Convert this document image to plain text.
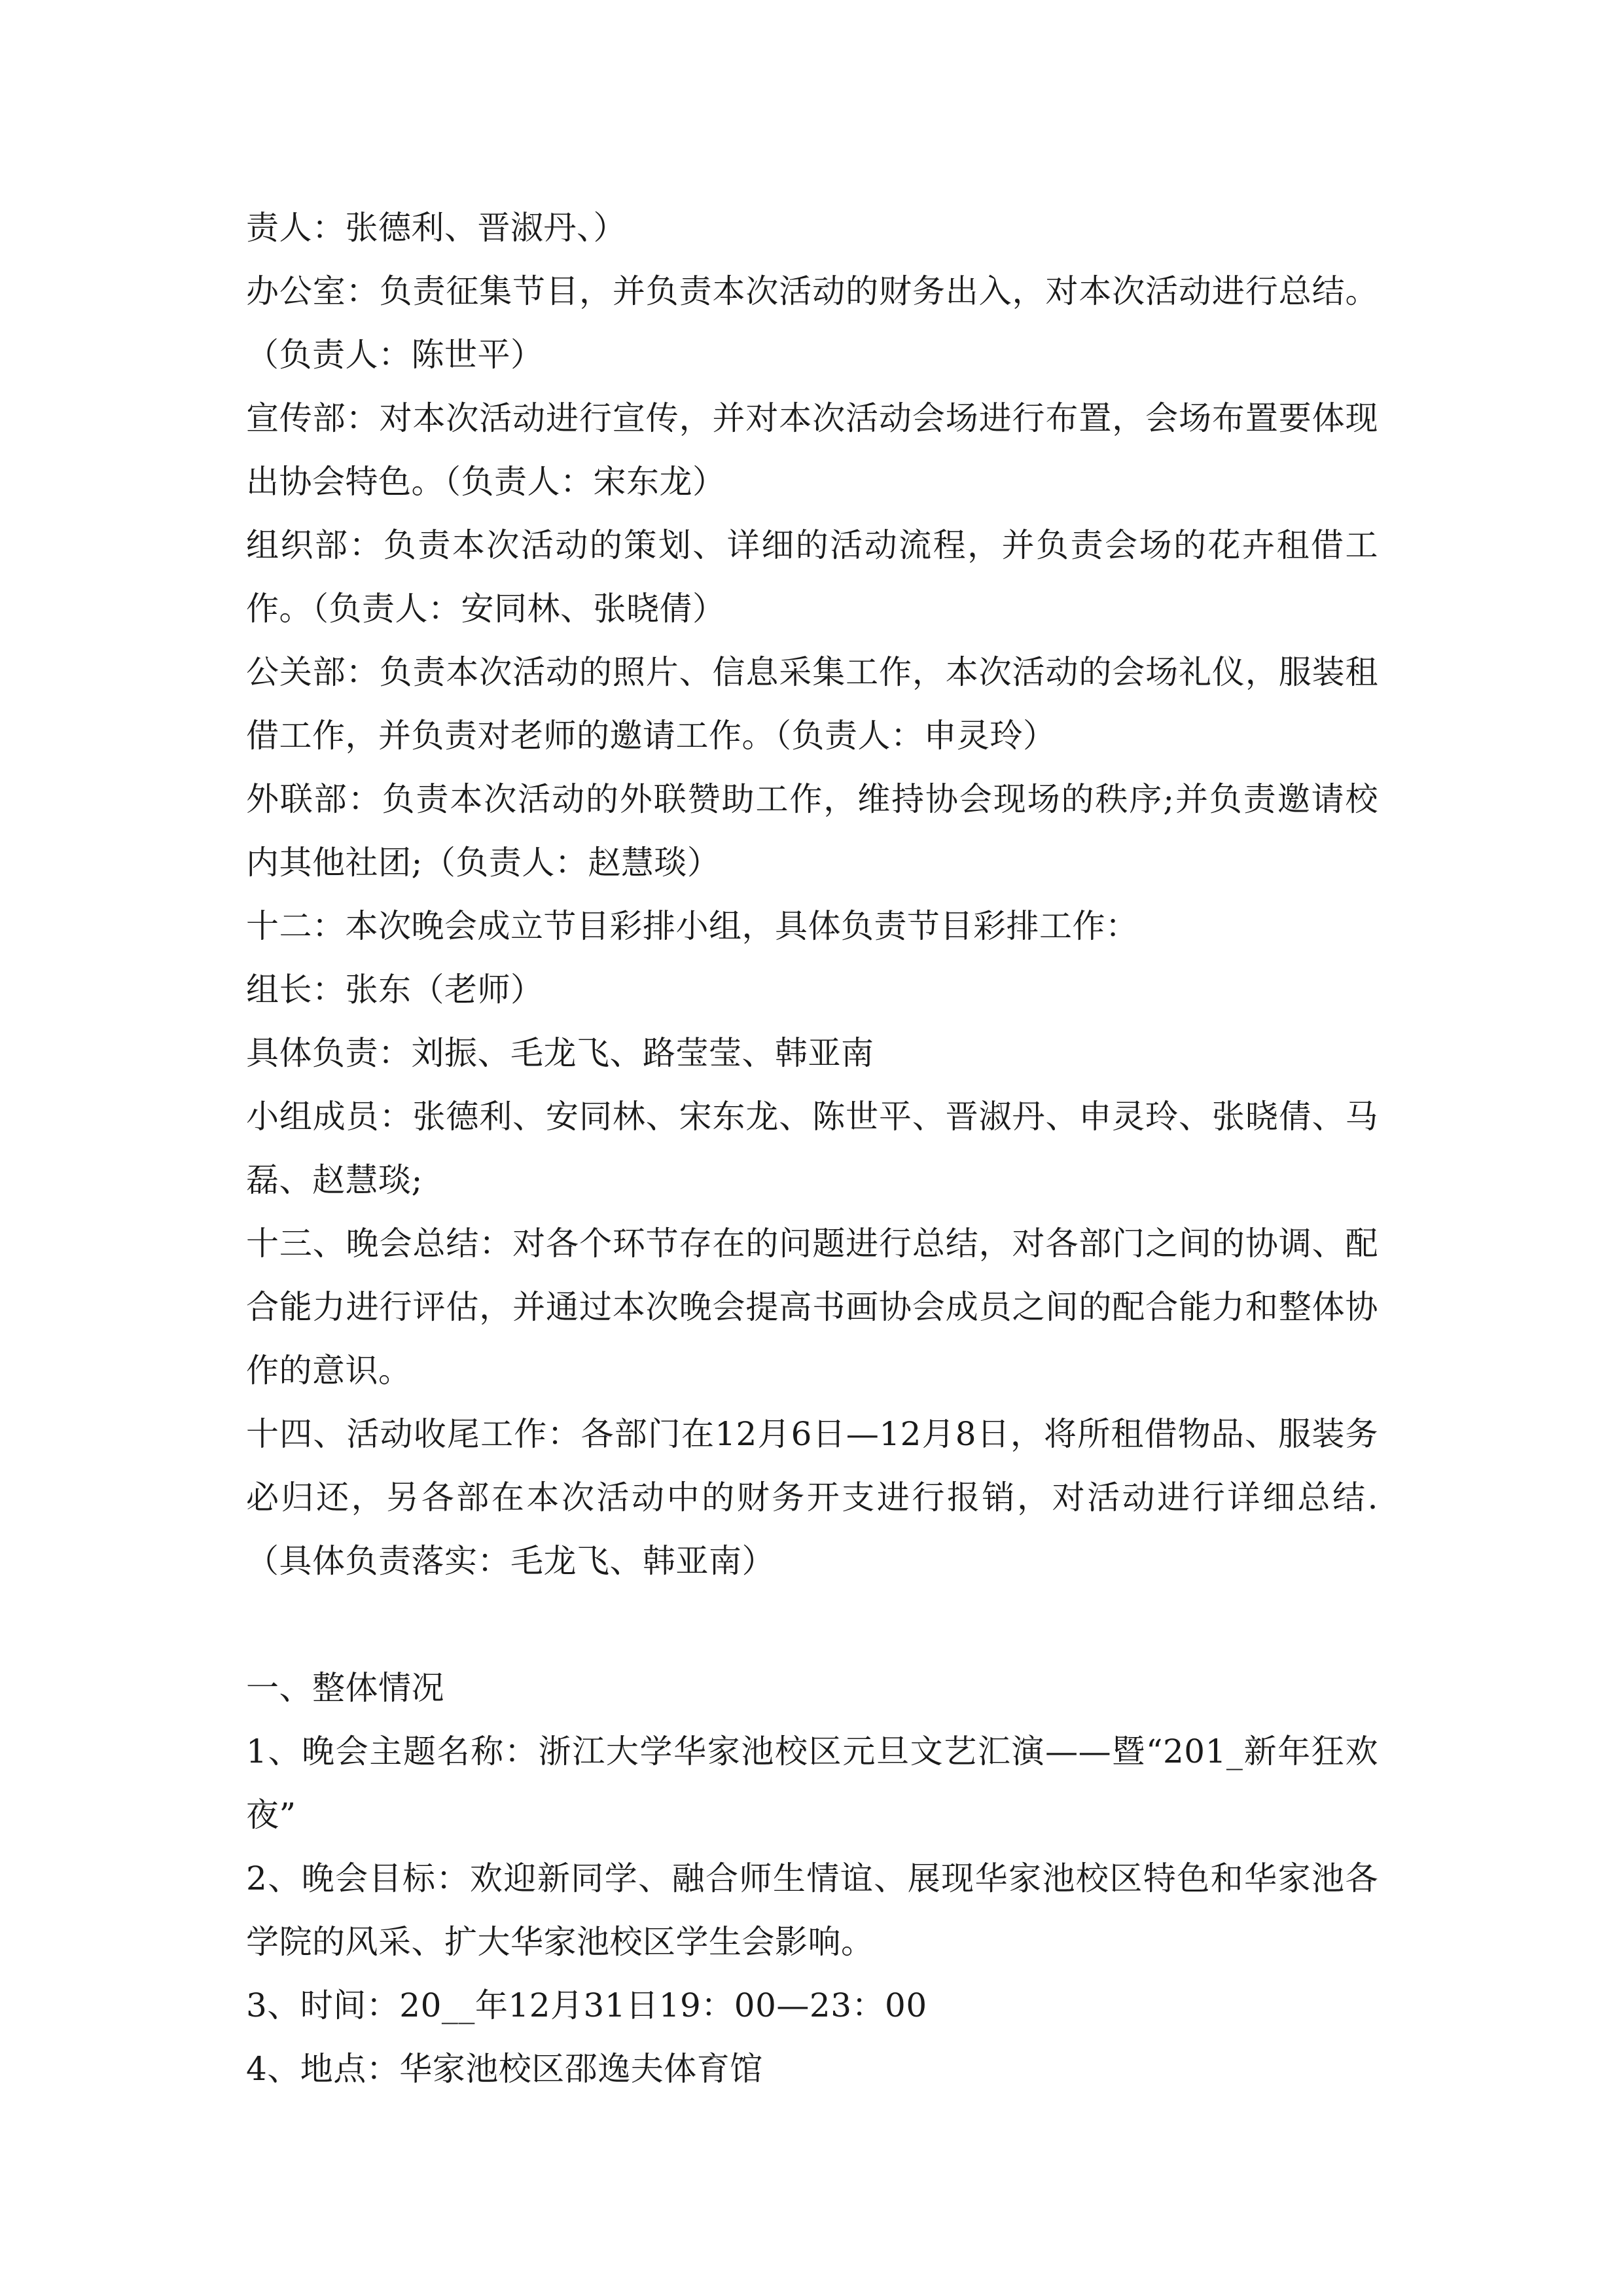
责人：张德利、晋淑丹、）

办公室：负责征集节目，并负责本次活动的财务出入，对本次活动进行总结。（负责人：陈世平）

宣传部：对本次活动进行宣传，并对本次活动会场进行布置，会场布置要体现出协会特色。（负责人：宋东龙）

组织部：负责本次活动的策划、详细的活动流程，并负责会场的花卉租借工作。（负责人：安同林、张晓倩）

公关部：负责本次活动的照片、信息采集工作，本次活动的会场礼仪，服装租借工作，并负责对老师的邀请工作。（负责人：申灵玲）

外联部：负责本次活动的外联赞助工作，维持协会现场的秩序;并负责邀请校内其他社团;（负责人：赵慧琰）

十二：本次晚会成立节目彩排小组，具体负责节目彩排工作：

组长：张东（老师）

具体负责：刘振、毛龙飞、路莹莹、韩亚南

小组成员：张德利、安同林、宋东龙、陈世平、晋淑丹、申灵玲、张晓倩、马磊、赵慧琰;

十三、晚会总结：对各个环节存在的问题进行总结，对各部门之间的协调、配合能力进行评估，并通过本次晚会提高书画协会成员之间的配合能力和整体协作的意识。

十四、活动收尾工作：各部门在12月6日—12月8日，将所租借物品、服装务必归还，另各部在本次活动中的财务开支进行报销，对活动进行详细总结.（具体负责落实：毛龙飞、韩亚南）

一、整体情况

1、晚会主题名称：浙江大学华家池校区元旦文艺汇演——暨“201_新年狂欢夜”

2、晚会目标：欢迎新同学、融合师生情谊、展现华家池校区特色和华家池各学院的风采、扩大华家池校区学生会影响。

3、时间：20__年12月31日19：00—23：00

4、地点：华家池校区邵逸夫体育馆
